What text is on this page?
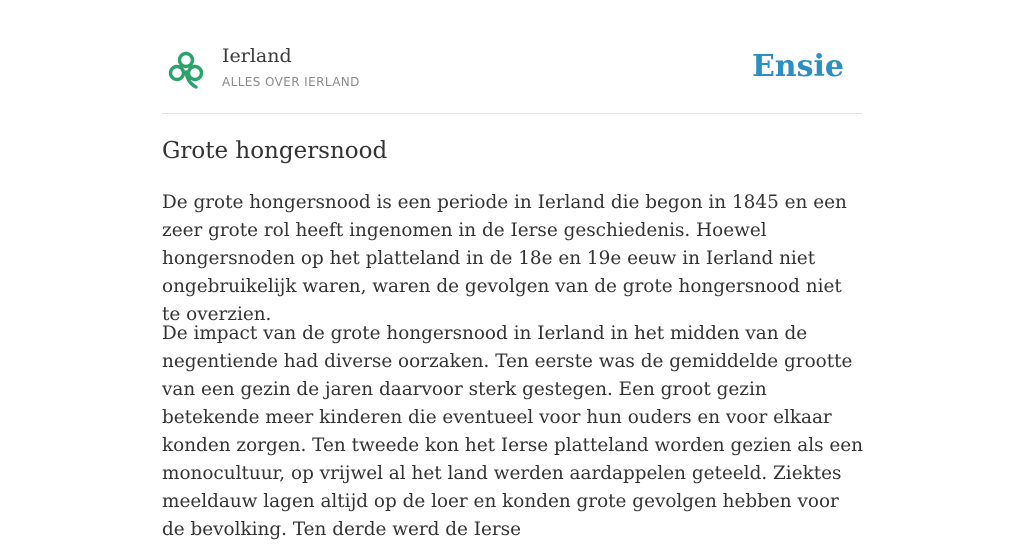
Ierland
ALLES OVER IERLAND	Ensie
Grote hongersnood

De grote hongersnood is een periode in Ierland die begon in 1845 en een zeer grote rol heeft ingenomen in de Ierse geschiedenis. Hoewel hongersnoden op het platteland in de 18e en 19e eeuw in Ierland niet ongebruikelijk waren, waren de gevolgen van de grote hongersnood niet te overzien.

De impact van de grote hongersnood in Ierland in het midden van de negentiende had diverse oorzaken. Ten eerste was de gemiddelde grootte van een gezin de jaren daarvoor sterk gestegen. Een groot gezin betekende meer kinderen die eventueel voor hun ouders en voor elkaar konden zorgen. Ten tweede kon het Ierse platteland worden gezien als een monocultuur, op vrijwel al het land werden aardappelen geteeld. Ziektes meeldauw lagen altijd op de loer en konden grote gevolgen hebben voor de bevolking. Ten derde werd de Ierse
